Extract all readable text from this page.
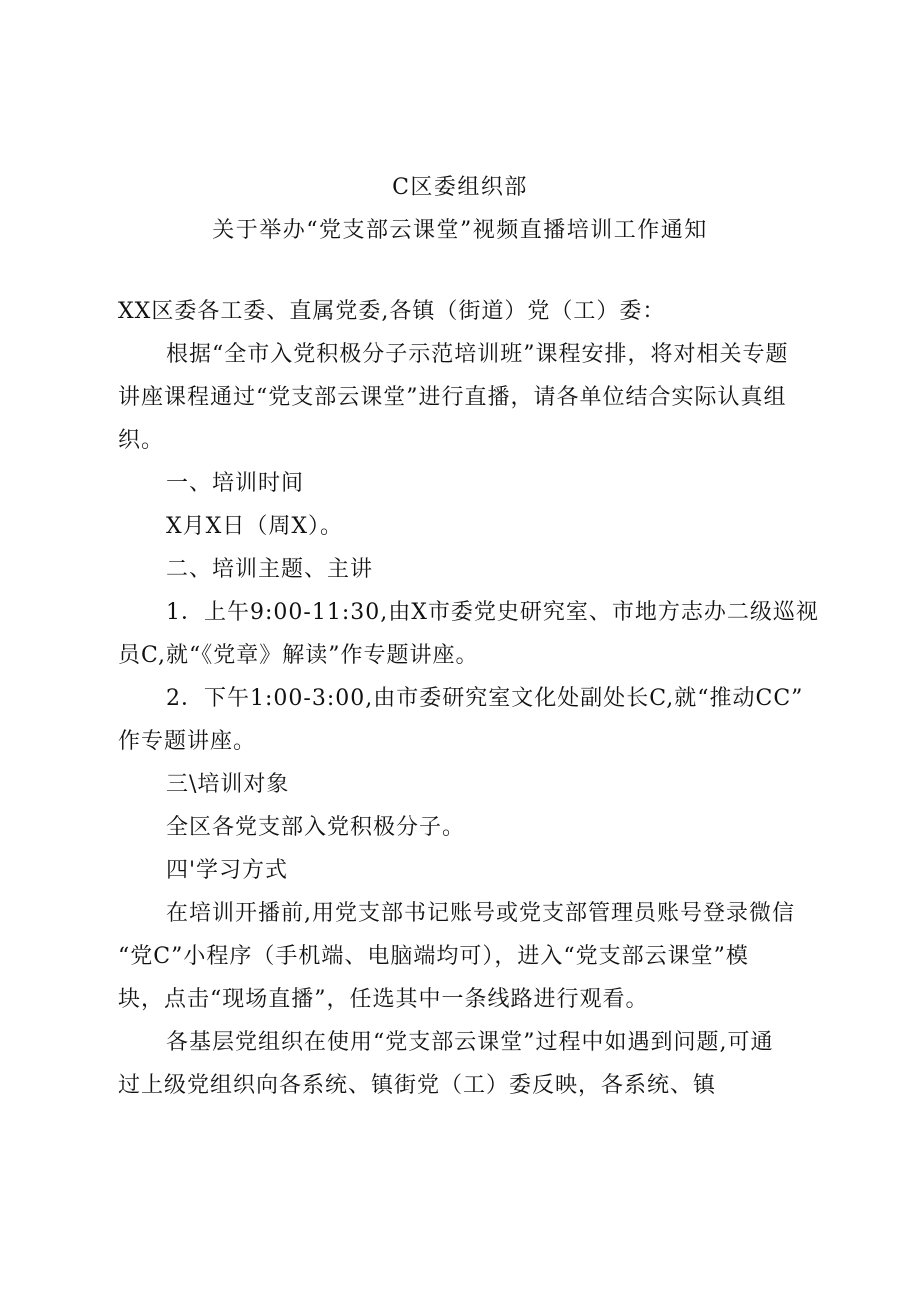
C区委组织部
关于举办“党支部云课堂”视频直播培训工作通知
XX区委各工委、直属党委,各镇（街道）党（工）委：
根据“全市入党积极分子示范培训班”课程安排，将对相关专题
讲座课程通过“党支部云课堂”进行直播，请各单位结合实际认真组
织。
一、培训时间
X月X日（周X）。
二、培训主题、主讲
1．上午9:00-11:30,由X市委党史研究室、市地方志办二级巡视
员C,就“《党章》解读”作专题讲座。
2．下午1:00-3:00,由市委研究室文化处副处长C,就“推动CC”
作专题讲座。
三\培训对象
全区各党支部入党积极分子。
四'学习方式
在培训开播前,用党支部书记账号或党支部管理员账号登录微信
“党C”小程序（手机端、电脑端均可），进入“党支部云课堂”模
块，点击“现场直播”，任选其中一条线路进行观看。
各基层党组织在使用“党支部云课堂”过程中如遇到问题,可通
过上级党组织向各系统、镇街党（工）委反映，各系统、镇
